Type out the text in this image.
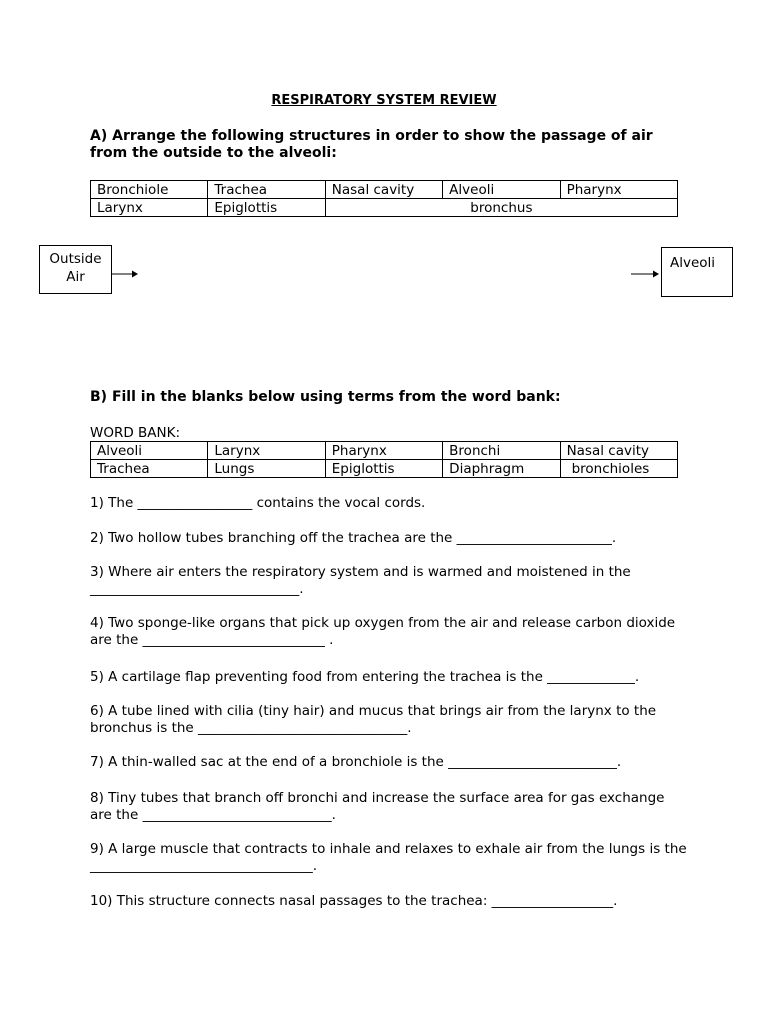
RESPIRATORY SYSTEM REVIEW
A) Arrange the following structures in order to show the passage of air from the outside to the alveoli:
Bronchiole	Trachea	Nasal cavity	Alveoli	Pharynx
Larynx	Epiglottis	bronchus		
Outside Air
Alveoli
B) Fill in the blanks below using terms from the word bank:
WORD BANK:
Alveoli	Larynx	Pharynx	Bronchi	Nasal cavity
Trachea	Lungs	Epiglottis	Diaphragm	bronchioles
1) The _________________ contains the vocal cords.
2) Two hollow tubes branching off the trachea are the _______________________.
3) Where air enters the respiratory system and is warmed and moistened in the _______________________________.
4) Two sponge-like organs that pick up oxygen from the air and release carbon dioxide are the ___________________________ .
5) A cartilage flap preventing food from entering the trachea is the _____________.
6) A tube lined with cilia (tiny hair) and mucus that brings air from the larynx to the bronchus is the _______________________________.
7) A thin-walled sac at the end of a bronchiole is the _________________________.
8) Tiny tubes that branch off bronchi and increase the surface area for gas exchange are the ____________________________.
9) A large muscle that contracts to inhale and relaxes to exhale air from the lungs is the _________________________________.
10) This structure connects nasal passages to the trachea: __________________.
